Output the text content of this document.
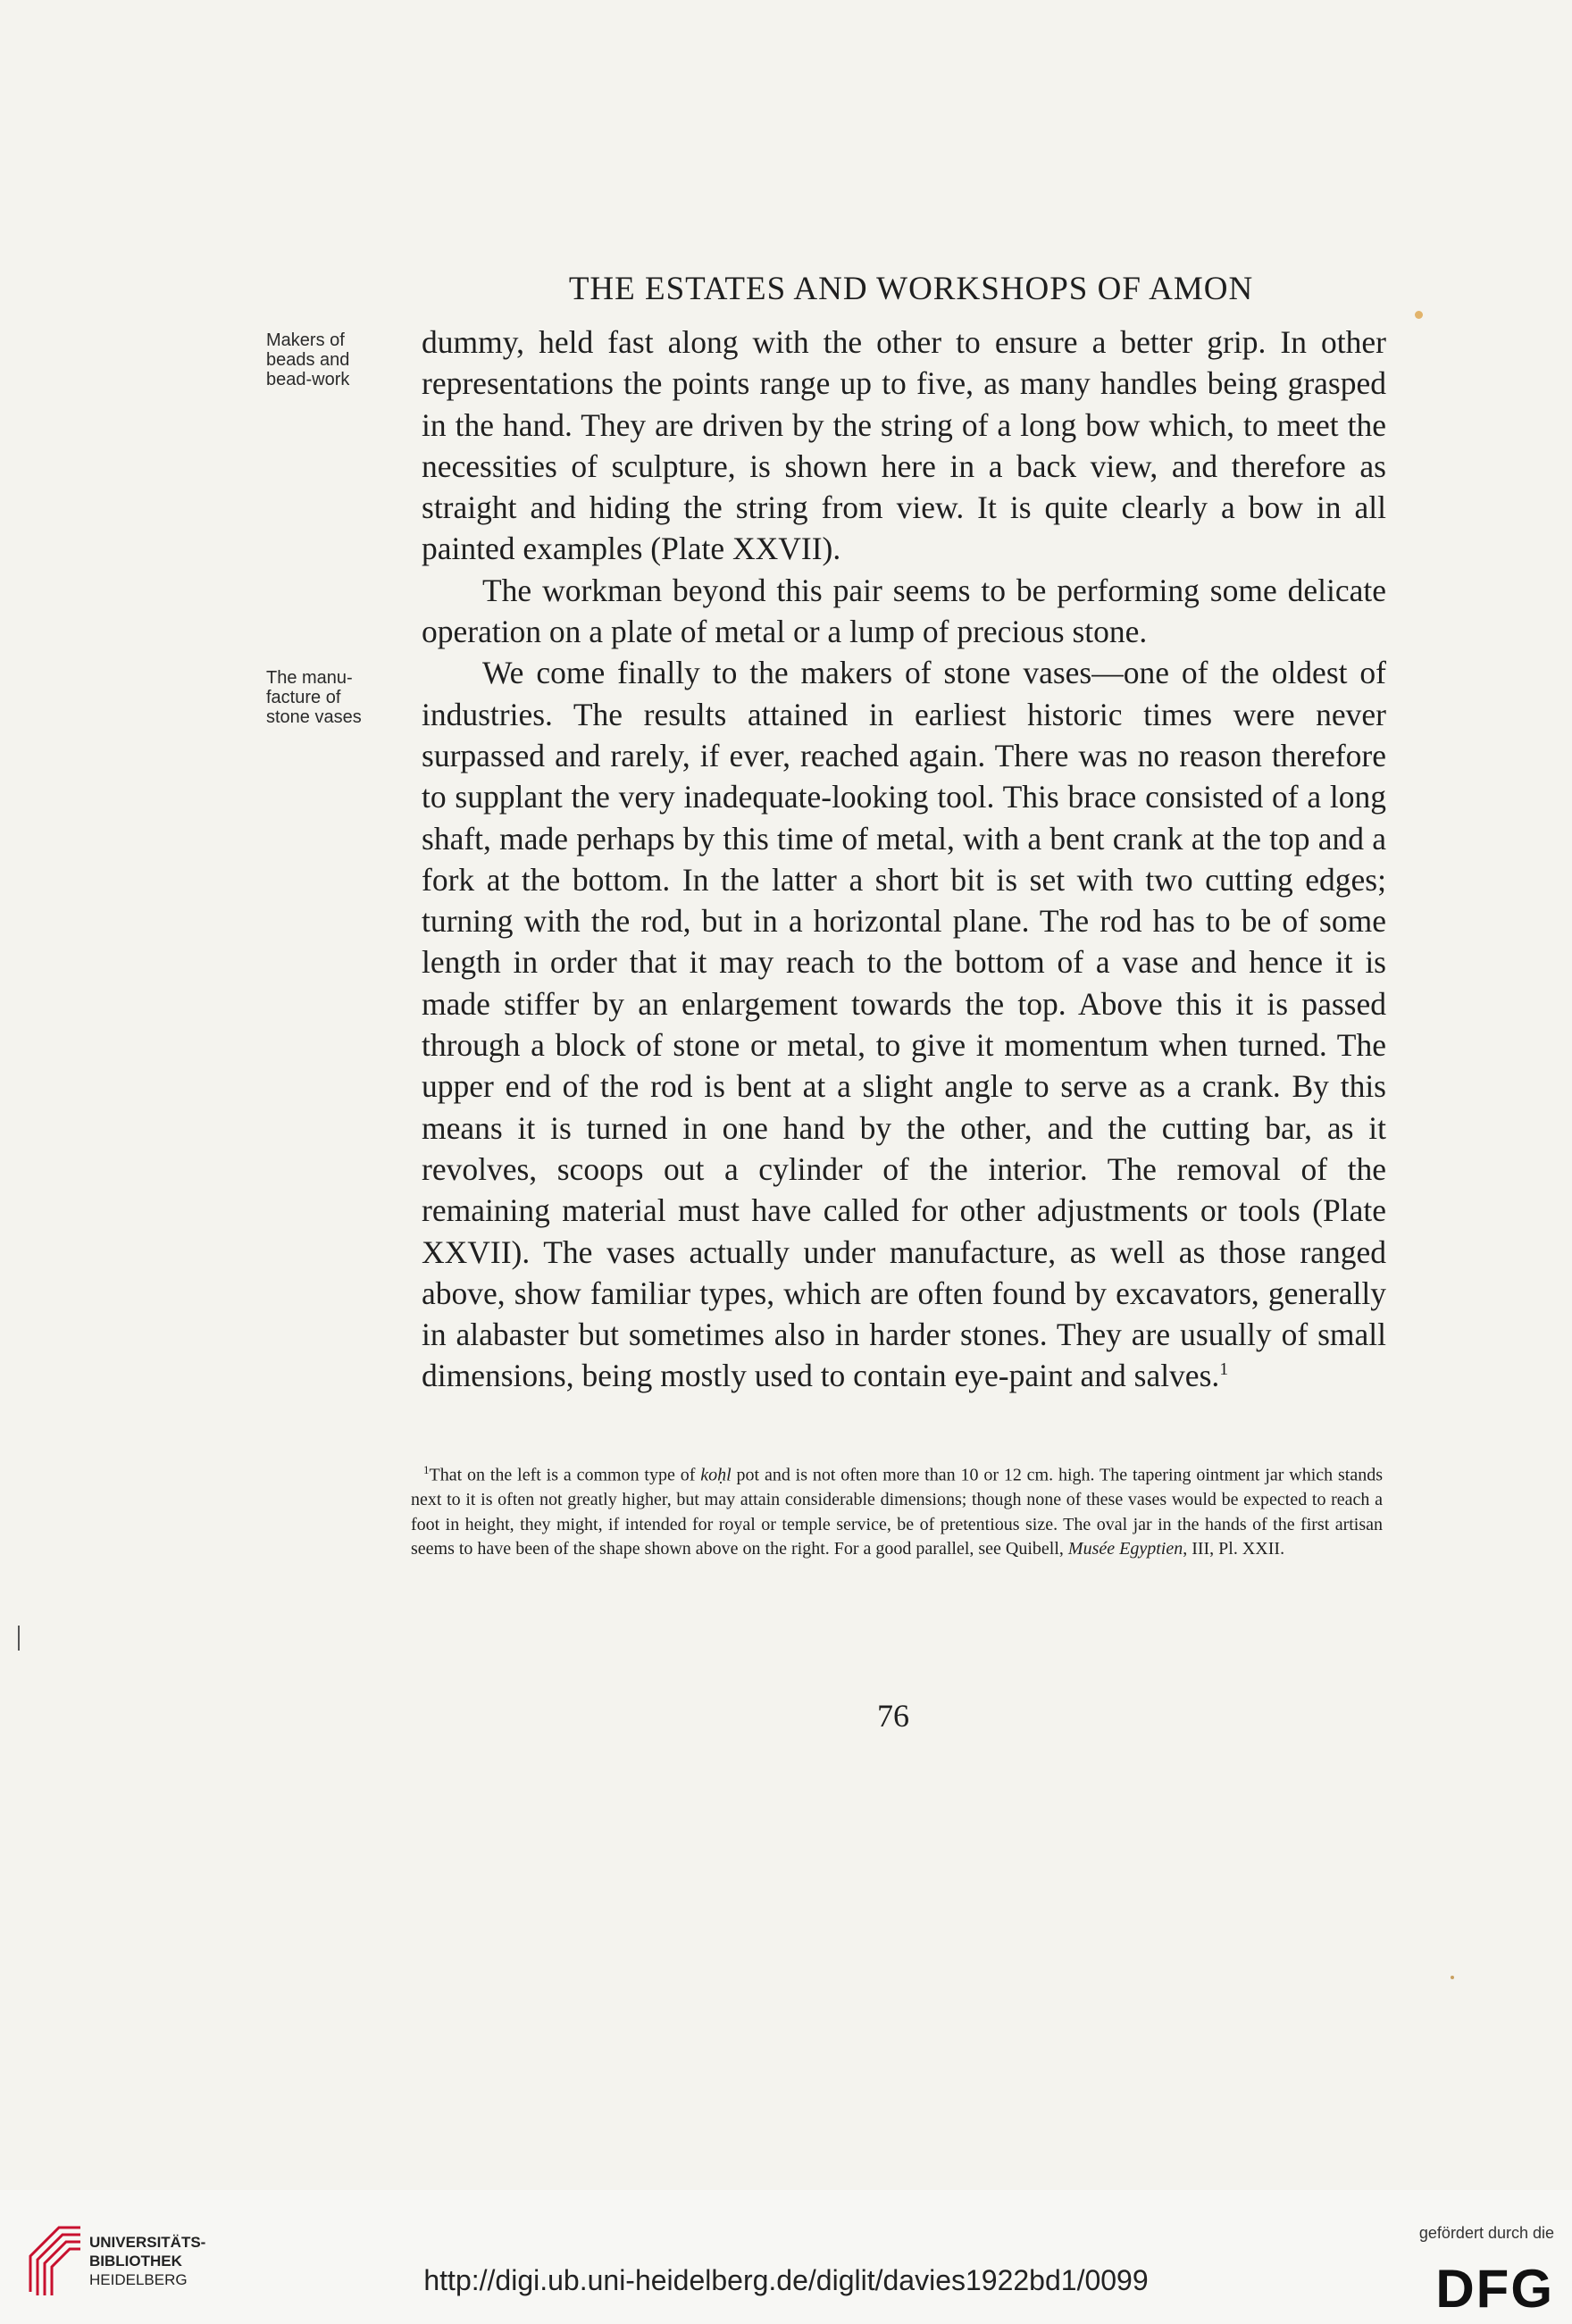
THE ESTATES AND WORKSHOPS OF AMON
Makers of
beads and
bead-work
The manu-
facture of
stone vases

dummy, held fast along with the other to ensure a better grip. In other representations the points range up to five, as many handles being grasped in the hand. They are driven by the string of a long bow which, to meet the necessities of sculpture, is shown here in a back view, and therefore as straight and hiding the string from view. It is quite clearly a bow in all painted examples (Plate XXVII).

The workman beyond this pair seems to be performing some delicate operation on a plate of metal or a lump of precious stone.

We come finally to the makers of stone vases—one of the oldest of industries. The results attained in earliest historic times were never surpassed and rarely, if ever, reached again. There was no reason therefore to supplant the very inadequate-looking tool. This brace consisted of a long shaft, made perhaps by this time of metal, with a bent crank at the top and a fork at the bottom. In the latter a short bit is set with two cutting edges; turning with the rod, but in a horizontal plane. The rod has to be of some length in order that it may reach to the bottom of a vase and hence it is made stiffer by an enlargement towards the top. Above this it is passed through a block of stone or metal, to give it momentum when turned. The upper end of the rod is bent at a slight angle to serve as a crank. By this means it is turned in one hand by the other, and the cutting bar, as it revolves, scoops out a cylinder of the interior. The removal of the remaining material must have called for other adjustments or tools (Plate XXVII). The vases actually under manufacture, as well as those ranged above, show familiar types, which are often found by excavators, generally in alabaster but sometimes also in harder stones. They are usually of small dimensions, being mostly used to contain eye-paint and salves.$^1$

$^1$That on the left is a common type of koḥl pot and is not often more than 10 or 12 cm. high. The tapering ointment jar which stands next to it is often not greatly higher, but may attain considerable dimensions; though none of these vases would be expected to reach a foot in height, they might, if intended for royal or temple service, be of pretentious size. The oval jar in the hands of the first artisan seems to have been of the shape shown above on the right. For a good parallel, see Quibell, Musée Egyptien, III, Pl. XXII.

76
UNIVERSITÄTS-
BIBLIOTHEK
HEIDELBERG	http://digi.ub.uni-heidelberg.de/diglit/davies1922bd1/0099
gefördert durch die
DFG
